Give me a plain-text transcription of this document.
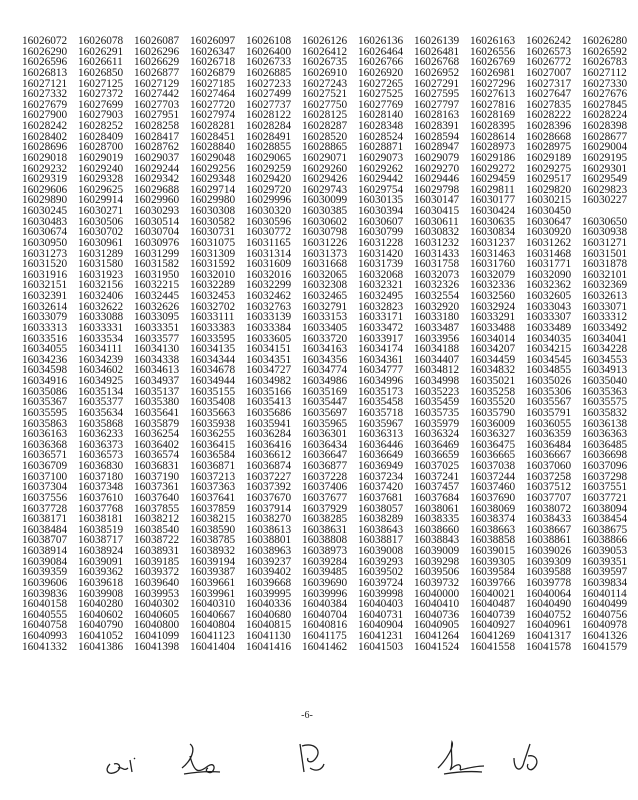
16026072	16026078	16026087	16026097	16026108	16026126	16026136	16026139	16026163	16026242	16026280
16026290	16026291	16026296	16026347	16026400	16026412	16026464	16026481	16026556	16026573	16026592
16026596	16026611	16026629	16026718	16026733	16026735	16026766	16026768	16026769	16026772	16026783
16026813	16026850	16026877	16026879	16026885	16026910	16026920	16026952	16026981	16027007	16027112
16027121	16027125	16027129	16027185	16027233	16027243	16027265	16027291	16027296	16027317	16027330
16027332	16027372	16027442	16027464	16027499	16027521	16027525	16027595	16027613	16027647	16027676
16027679	16027699	16027703	16027720	16027737	16027750	16027769	16027797	16027816	16027835	16027845
16027900	16027903	16027951	16027974	16028122	16028125	16028140	16028163	16028169	16028222	16028224
16028242	16028252	16028258	16028281	16028284	16028287	16028348	16028391	16028395	16028396	16028398
16028402	16028409	16028417	16028451	16028491	16028520	16028524	16028594	16028614	16028668	16028677
16028696	16028700	16028762	16028840	16028855	16028865	16028871	16028947	16028973	16028975	16029004
16029018	16029019	16029037	16029048	16029065	16029071	16029073	16029079	16029186	16029189	16029195
16029232	16029240	16029244	16029256	16029259	16029260	16029262	16029270	16029272	16029275	16029301
16029319	16029328	16029342	16029348	16029420	16029426	16029442	16029446	16029459	16029517	16029549
16029606	16029625	16029688	16029714	16029720	16029743	16029754	16029798	16029811	16029820	16029823
16029890	16029914	16029960	16029980	16029996	16030099	16030135	16030147	16030177	16030215	16030227
16030245	16030271	16030293	16030308	16030320	16030385	16030394	16030415	16030424	16030450	
16030483	16030506	16030514	16030582	16030596	16030602	16030607	16030611	16030635	16030647	16030650
16030674	16030702	16030704	16030731	16030772	16030798	16030799	16030832	16030834	16030920	16030938
16030950	16030961	16030976	16031075	16031165	16031226	16031228	16031232	16031237	16031262	16031271
16031273	16031289	16031299	16031309	16031314	16031373	16031420	16031433	16031463	16031468	16031501
16031520	16031580	16031582	16031592	16031609	16031668	16031739	16031758	16031760	16031771	16031878
16031916	16031923	16031950	16032010	16032016	16032065	16032068	16032073	16032079	16032090	16032101
16032151	16032156	16032215	16032289	16032299	16032308	16032321	16032326	16032336	16032362	16032369
16032391	16032406	16032445	16032453	16032462	16032465	16032495	16032554	16032560	16032605	16032613
16032614	16032622	16032626	16032702	16032763	16032791	16032823	16032920	16032924	16033043	16033071
16033079	16033088	16033095	16033111	16033139	16033153	16033171	16033180	16033291	16033307	16033312
16033313	16033331	16033351	16033383	16033384	16033405	16033472	16033487	16033488	16033489	16033492
16033516	16033534	16033577	16033595	16033605	16033720	16033917	16033956	16034014	16034035	16034041
16034055	16034111	16034130	16034135	16034151	16034163	16034174	16034188	16034207	16034215	16034228
16034236	16034239	16034338	16034344	16034351	16034356	16034361	16034407	16034459	16034545	16034553
16034598	16034602	16034613	16034678	16034727	16034774	16034777	16034812	16034832	16034855	16034913
16034916	16034925	16034937	16034944	16034982	16034986	16034996	16034998	16035021	16035026	16035040
16035086	16035134	16035137	16035155	16035166	16035169	16035173	16035223	16035258	16035306	16035363
16035367	16035377	16035380	16035408	16035413	16035447	16035458	16035459	16035520	16035567	16035575
16035595	16035634	16035641	16035663	16035686	16035697	16035718	16035735	16035790	16035791	16035832
16035863	16035868	16035879	16035938	16035941	16035965	16035967	16035979	16036009	16036055	16036138
16036163	16036233	16036254	16036255	16036284	16036301	16036313	16036324	16036327	16036359	16036363
16036368	16036373	16036402	16036415	16036416	16036434	16036446	16036469	16036475	16036484	16036485
16036571	16036573	16036574	16036584	16036612	16036647	16036649	16036659	16036665	16036667	16036698
16036709	16036830	16036831	16036871	16036874	16036877	16036949	16037025	16037038	16037060	16037096
16037100	16037180	16037190	16037213	16037227	16037228	16037234	16037241	16037244	16037258	16037298
16037304	16037348	16037361	16037363	16037392	16037406	16037420	16037457	16037460	16037512	16037551
16037556	16037610	16037640	16037641	16037670	16037677	16037681	16037684	16037690	16037707	16037721
16037728	16037768	16037855	16037859	16037914	16037929	16038057	16038061	16038069	16038072	16038094
16038171	16038181	16038212	16038215	16038270	16038285	16038289	16038335	16038374	16038433	16038454
16038484	16038519	16038540	16038590	16038613	16038631	16038643	16038660	16038663	16038667	16038675
16038707	16038717	16038722	16038785	16038801	16038808	16038817	16038843	16038858	16038861	16038866
16038914	16038924	16038931	16038932	16038963	16038973	16039008	16039009	16039015	16039026	16039053
16039084	16039091	16039185	16039194	16039237	16039284	16039293	16039298	16039305	16039309	16039351
16039359	16039362	16039372	16039387	16039402	16039485	16039502	16039506	16039584	16039588	16039597
16039606	16039618	16039640	16039661	16039668	16039690	16039724	16039732	16039766	16039778	16039834
16039836	16039908	16039953	16039961	16039995	16039996	16039998	16040000	16040021	16040064	16040114
16040158	16040280	16040302	16040310	16040336	16040384	16040403	16040410	16040487	16040490	16040499
16040555	16040602	16040605	16040667	16040680	16040704	16040731	16040736	16040739	16040752	16040756
16040758	16040790	16040800	16040804	16040815	16040816	16040904	16040905	16040927	16040961	16040978
16040993	16041052	16041099	16041123	16041130	16041175	16041231	16041264	16041269	16041317	16041326
16041332	16041386	16041398	16041404	16041416	16041462	16041503	16041524	16041558	16041578	16041579
-6-
